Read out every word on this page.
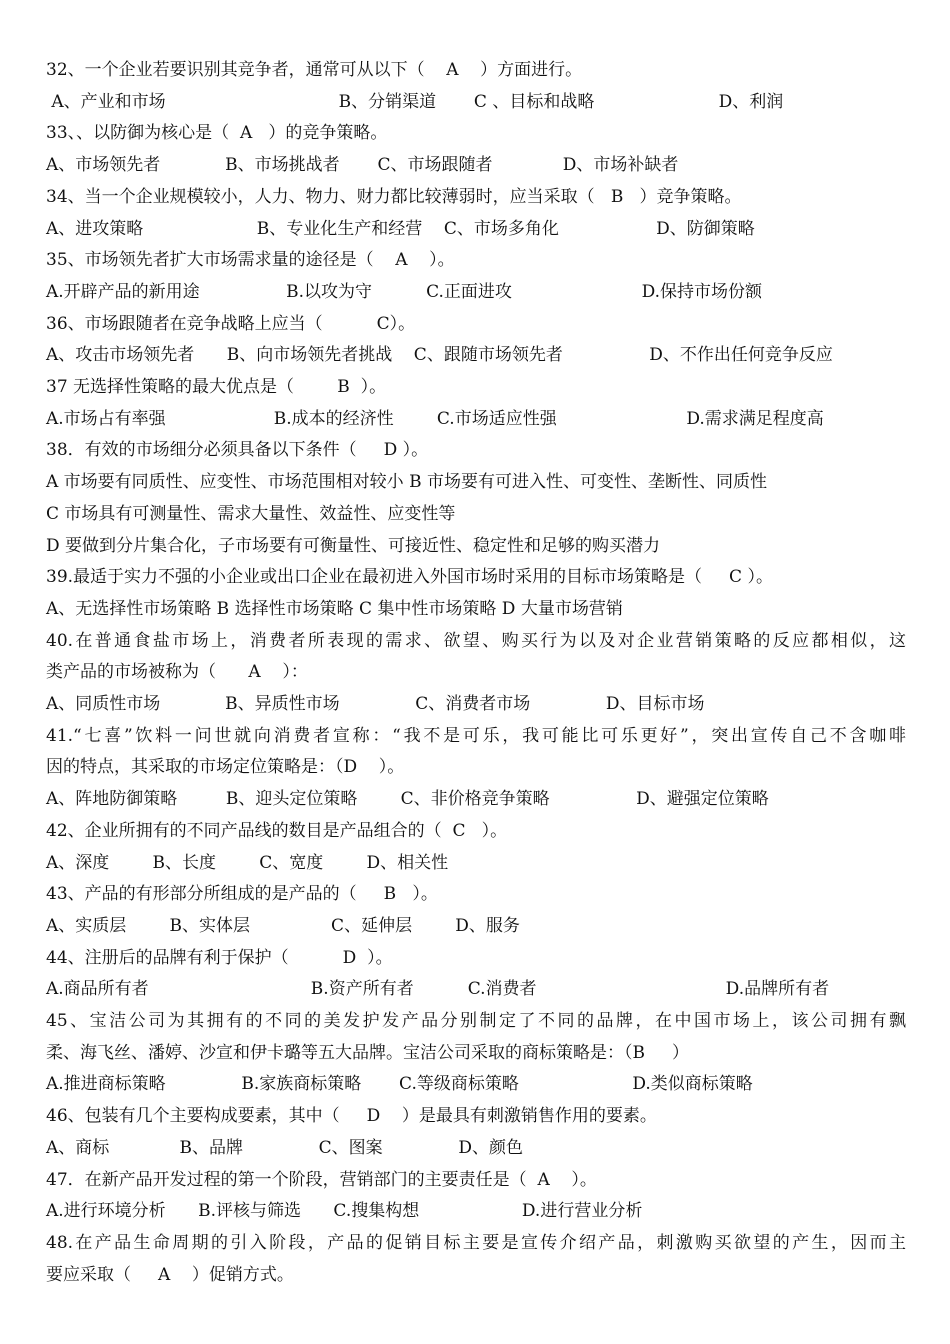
32、一个企业若要识别其竞争者，通常可从以下（    A    ）方面进行。
A、产业和市场                                B、分销渠道       C 、目标和战略                       D、利润
33、、以防御为核心是（  A   ）的竞争策略。
A、市场领先者            B、市场挑战者       C、市场跟随者             D、市场补缺者
34、当一个企业规模较小，人力、物力、财力都比较薄弱时，应当采取（   B   ）竞争策略。
A、进攻策略                     B、专业化生产和经营    C、市场多角化                  D、防御策略
35、市场领先者扩大市场需求量的途径是（    A    ）。
A.开辟产品的新用途                B.以攻为守          C.正面进攻                        D.保持市场份额
36、市场跟随者在竞争战略上应当（          C）。
A、攻击市场领先者      B、向市场领先者挑战    C、跟随市场领先者                D、不作出任何竞争反应
37 无选择性策略的最大优点是（        B  ）。
A.市场占有率强                    B.成本的经济性        C.市场适应性强                        D.需求满足程度高
38．有效的市场细分必须具备以下条件（     D ）。
A 市场要有同质性、应变性、市场范围相对较小 B 市场要有可进入性、可变性、垄断性、同质性
C 市场具有可测量性、需求大量性、效益性、应变性等
D 要做到分片集合化，子市场要有可衡量性、可接近性、稳定性和足够的购买潜力
39.最适于实力不强的小企业或出口企业在最初进入外国市场时采用的目标市场策略是（     C ）。
A、无选择性市场策略 B 选择性市场策略 C 集中性市场策略 D 大量市场营销
40.在普通食盐市场上，消费者所表现的需求、欲望、购买行为以及对企业营销策略的反应都相似，这
类产品的市场被称为（      A    ）：
A、同质性市场            B、异质性市场              C、消费者市场              D、目标市场
41.“七喜”饮料一问世就向消费者宣称：“我不是可乐，我可能比可乐更好”，突出宣传自己不含咖啡
因的特点，其采取的市场定位策略是：（D    ）。
A、阵地防御策略         B、迎头定位策略        C、非价格竞争策略                D、避强定位策略
42、企业所拥有的不同产品线的数目是产品组合的（  C   ）。
A、深度        B、长度        C、宽度        D、相关性
43、产品的有形部分所组成的是产品的（     B   ）。
A、实质层        B、实体层               C、延伸层        D、服务
44、注册后的品牌有利于保护（          D  ）。
A.商品所有者                              B.资产所有者          C.消费者                                   D.品牌所有者
45、宝洁公司为其拥有的不同的美发护发产品分别制定了不同的品牌，在中国市场上，该公司拥有飘
柔、海飞丝、潘婷、沙宣和伊卡璐等五大品牌。宝洁公司采取的商标策略是：（B     ）
A.推进商标策略              B.家族商标策略       C.等级商标策略                     D.类似商标策略
46、包装有几个主要构成要素，其中（     D    ）是最具有刺激销售作用的要素。
A、商标             B、品牌              C、图案              D、颜色
47．在新产品开发过程的第一个阶段，营销部门的主要责任是（  A    ）。
A.进行环境分析      B.评核与筛选      C.搜集构想                   D.进行营业分析
48.在产品生命周期的引入阶段，产品的促销目标主要是宣传介绍产品，刺激购买欲望的产生，因而主
要应采取（     A    ）促销方式。
